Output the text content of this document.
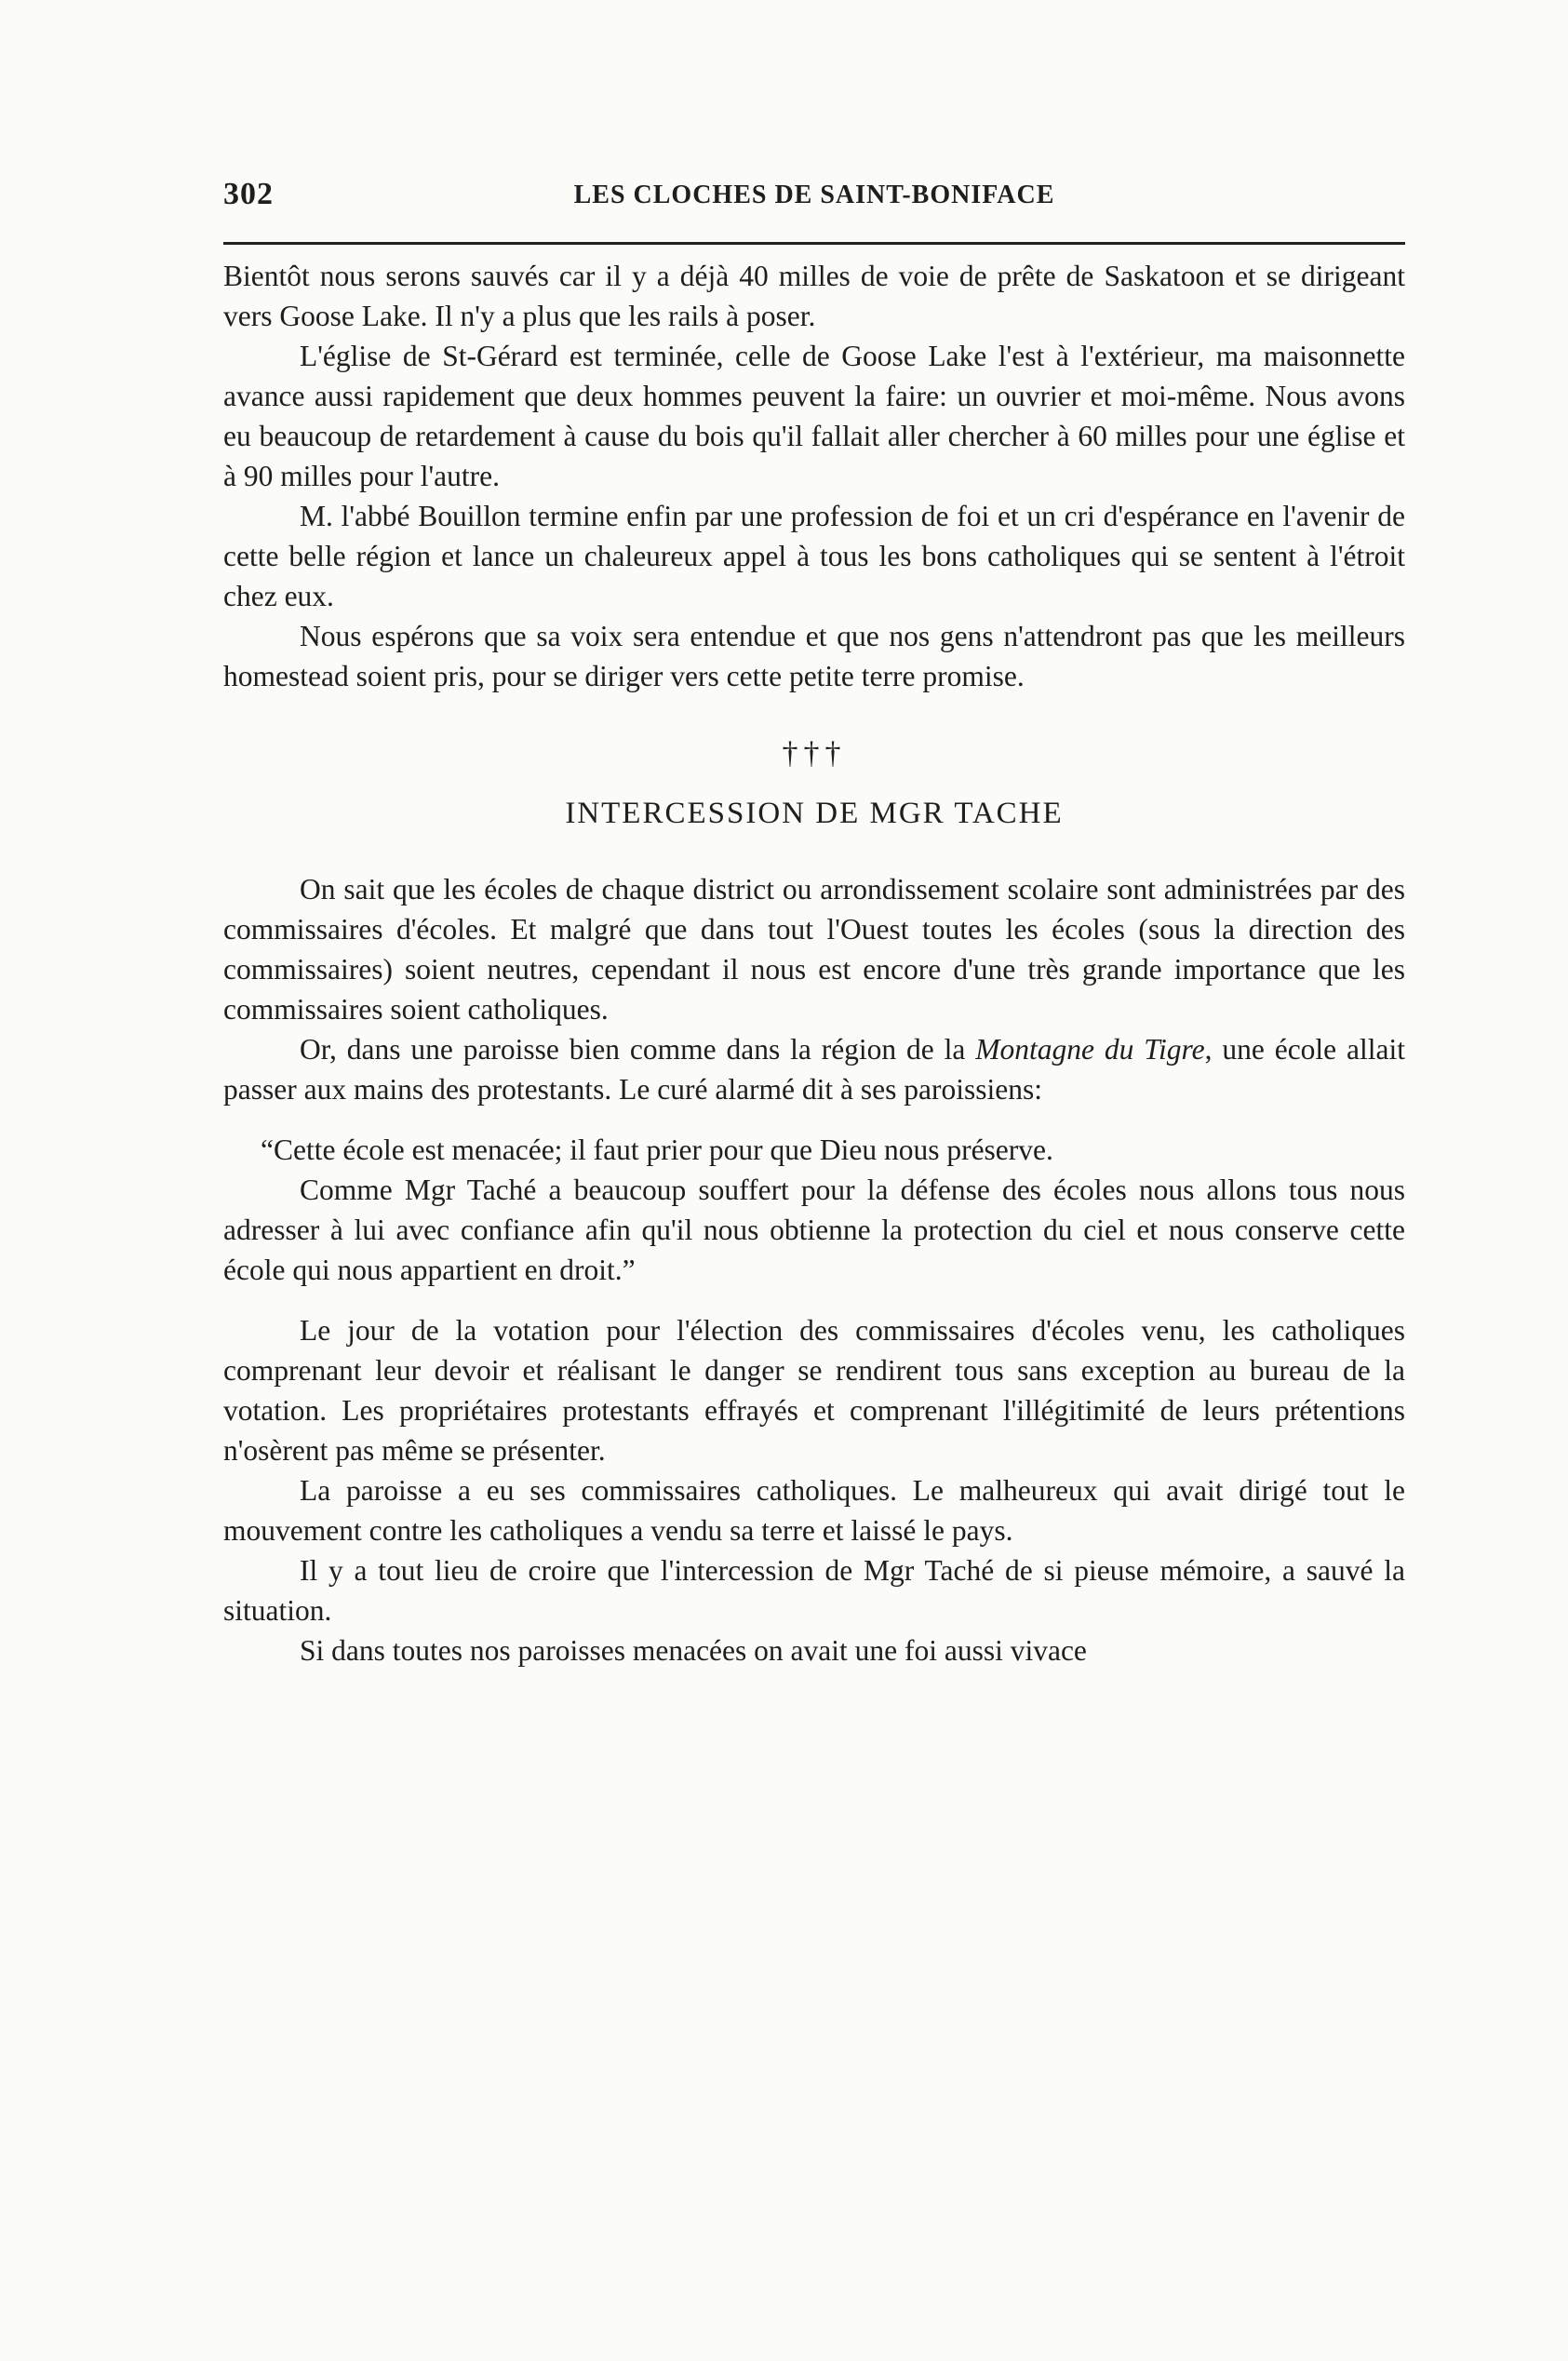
302	LES CLOCHES DE SAINT-BONIFACE

Bientôt nous serons sauvés car il y a déjà 40 milles de voie de prête de Saskatoon et se dirigeant vers Goose Lake. Il n'y a plus que les rails à poser.

L'église de St-Gérard est terminée, celle de Goose Lake l'est à l'extérieur, ma maisonnette avance aussi rapidement que deux hommes peuvent la faire: un ouvrier et moi-même. Nous avons eu beaucoup de retardement à cause du bois qu'il fallait aller chercher à 60 milles pour une église et à 90 milles pour l'autre.

M. l'abbé Bouillon termine enfin par une profession de foi et un cri d'espérance en l'avenir de cette belle région et lance un chaleureux appel à tous les bons catholiques qui se sentent à l'étroit chez eux.

Nous espérons que sa voix sera entendue et que nos gens n'attendront pas que les meilleurs homestead soient pris, pour se diriger vers cette petite terre promise.

†††
INTERCESSION DE MGR TACHE

On sait que les écoles de chaque district ou arrondissement scolaire sont administrées par des commissaires d'écoles. Et malgré que dans tout l'Ouest toutes les écoles (sous la direction des commissaires) soient neutres, cependant il nous est encore d'une très grande importance que les commissaires soient catholiques.

Or, dans une paroisse bien comme dans la région de la Montagne du Tigre, une école allait passer aux mains des protestants. Le curé alarmé dit à ses paroissiens:

“Cette école est menacée; il faut prier pour que Dieu nous préserve.

Comme Mgr Taché a beaucoup souffert pour la défense des écoles nous allons tous nous adresser à lui avec confiance afin qu'il nous obtienne la protection du ciel et nous conserve cette école qui nous appartient en droit.”

Le jour de la votation pour l'élection des commissaires d'écoles venu, les catholiques comprenant leur devoir et réalisant le danger se rendirent tous sans exception au bureau de la votation. Les propriétaires protestants effrayés et comprenant l'illégitimité de leurs prétentions n'osèrent pas même se présenter.

La paroisse a eu ses commissaires catholiques. Le malheureux qui avait dirigé tout le mouvement contre les catholiques a vendu sa terre et laissé le pays.

Il y a tout lieu de croire que l'intercession de Mgr Taché de si pieuse mémoire, a sauvé la situation.

Si dans toutes nos paroisses menacées on avait une foi aussi vivace
